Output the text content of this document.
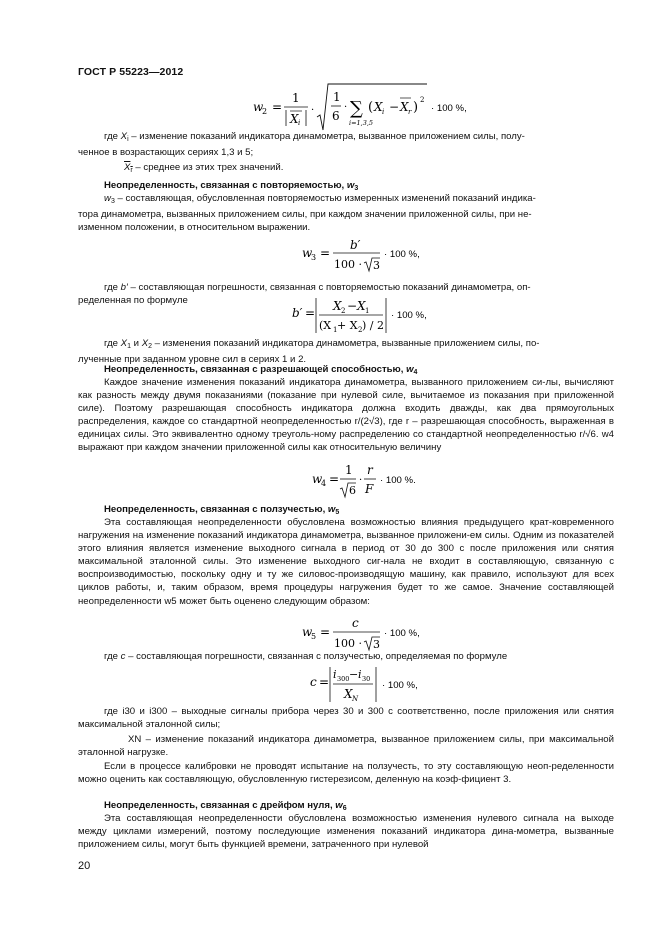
ГОСТ Р 55223—2012
w
2 =
1
X i
·
1
6
· ∑
i=1,3,5
( X i − X r ) 2
· 100 %,

где $X_i$ – изменение показаний индикатора динамометра, вызванное приложением силы, полу-
ченное в возрастающих сериях 1,3 и 5;

$X_r$ – среднее из этих трех значений.

Неопределенность, связанная с повторяемостью, $w_3$

$w_3$ – составляющая, обусловленная повторяемостью измеренных изменений показаний индика-
тора динамометра, вызванных приложением силы, при каждом значении приложенной силы, при не-
изменном положении, в относительном выражении.

w
3 =
b′
100 · 3
· 100 %,

где b′ – составляющая погрешности, связанная с повторяемостью показаний динамометра, оп-
ределенная по формуле

b′ = X 2 − X 1
(X 1 + X 2 ) / 2
· 100 %,

где $X_1$ и $X_2$ – изменения показаний индикатора динамометра, вызванные приложением силы, по-
лученные при заданном уровне сил в сериях 1 и 2.

Неопределенность, связанная с разрешающей способностью, $w_4$

Каждое значение изменения показаний индикатора динамометра, вызванного приложением си-лы, вычисляют как разность между двумя показаниями (показание при нулевой силе, вычитаемое из показания при приложенной силе). Поэтому разрешающая способность индикатора должна входить дважды, как два прямоугольных распределения, каждое со стандартной неопределенностью r/(2√3), где r – разрешающая способность, выраженная в единицах силы. Это эквивалентно одному треуголь-ному распределению со стандартной неопределенностью r/√6. w4 выражают при каждом значении приложенной силы как относительную величину

w
4 =
1
6
·
r
F
· 100 %.

Неопределенность, связанная с ползучестью, $w_5$

Эта составляющая неопределенности обусловлена возможностью влияния предыдущего крат-ковременного нагружения на изменение показаний индикатора динамометра, вызванное приложени-ем силы. Одним из показателей этого влияния является изменение выходного сигнала в период от 30 до 300 с после приложения или снятия максимальной эталонной силы. Это изменение выходного сиг-нала не входит в составляющую, связанную с воспроизводимостью, поскольку одну и ту же силовос-производящую машину, как правило, используют для всех циклов работы, и, таким образом, время процедуры нагружения будет то же самое. Значение составляющей неопределенности w5 может быть оценено следующим образом:

w
5 =
c
100 · 3
· 100 %,

где c – составляющая погрешности, связанная с ползучестью, определяемая по формуле

c =
i 300 − i 30
X N
· 100 %,

где i30 и i300 – выходные сигналы прибора через 30 и 300 с соответственно, после приложения или снятия максимальной эталонной силы;

XN – изменение показаний индикатора динамометра, вызванное приложением силы, при максимальной эталонной нагрузке.

Если в процессе калибровки не проводят испытание на ползучесть, то эту составляющую неоп-ределенности можно оценить как составляющую, обусловленную гистерезисом, деленную на коэф-фициент 3.

Неопределенность, связанная с дрейфом нуля, $w_6$

Эта составляющая неопределенности обусловлена возможностью изменения нулевого сигнала на выходе между циклами измерений, поэтому последующие изменения показаний индикатора дина-мометра, вызванные приложением силы, могут быть функцией времени, затраченного при нулевой

20
